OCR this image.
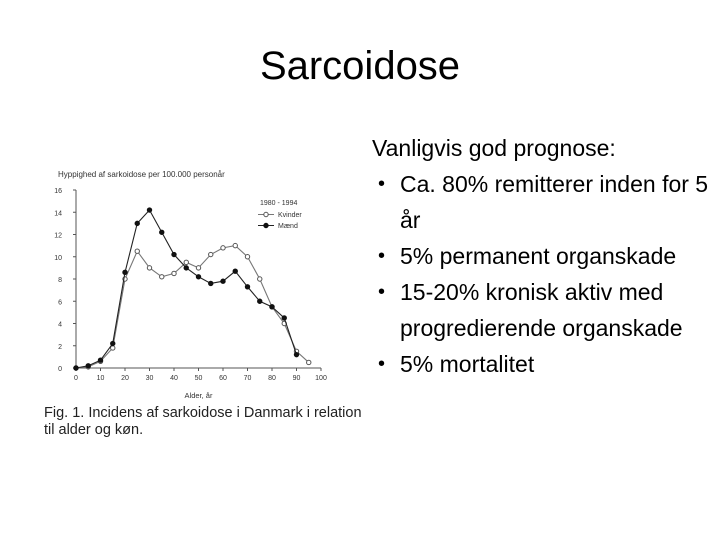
Sarcoidose
Hyppighed af sarkoidose per 100.000 personår
0
2
4
6
8
10
12
14
16
0	10 20 30 40 50 60 70 80 90 100
Alder, år
1980 - 1994
Kvinder
Mænd
Fig. 1. Incidens af sarkoidose i Danmark i relation til alder og køn.

Vanligvis god prognose:

• Ca. 80% remitterer inden for 5 år
• 5% permanent organskade
• 15-20% kronisk aktiv med progredierende organskade
• 5% mortalitet
